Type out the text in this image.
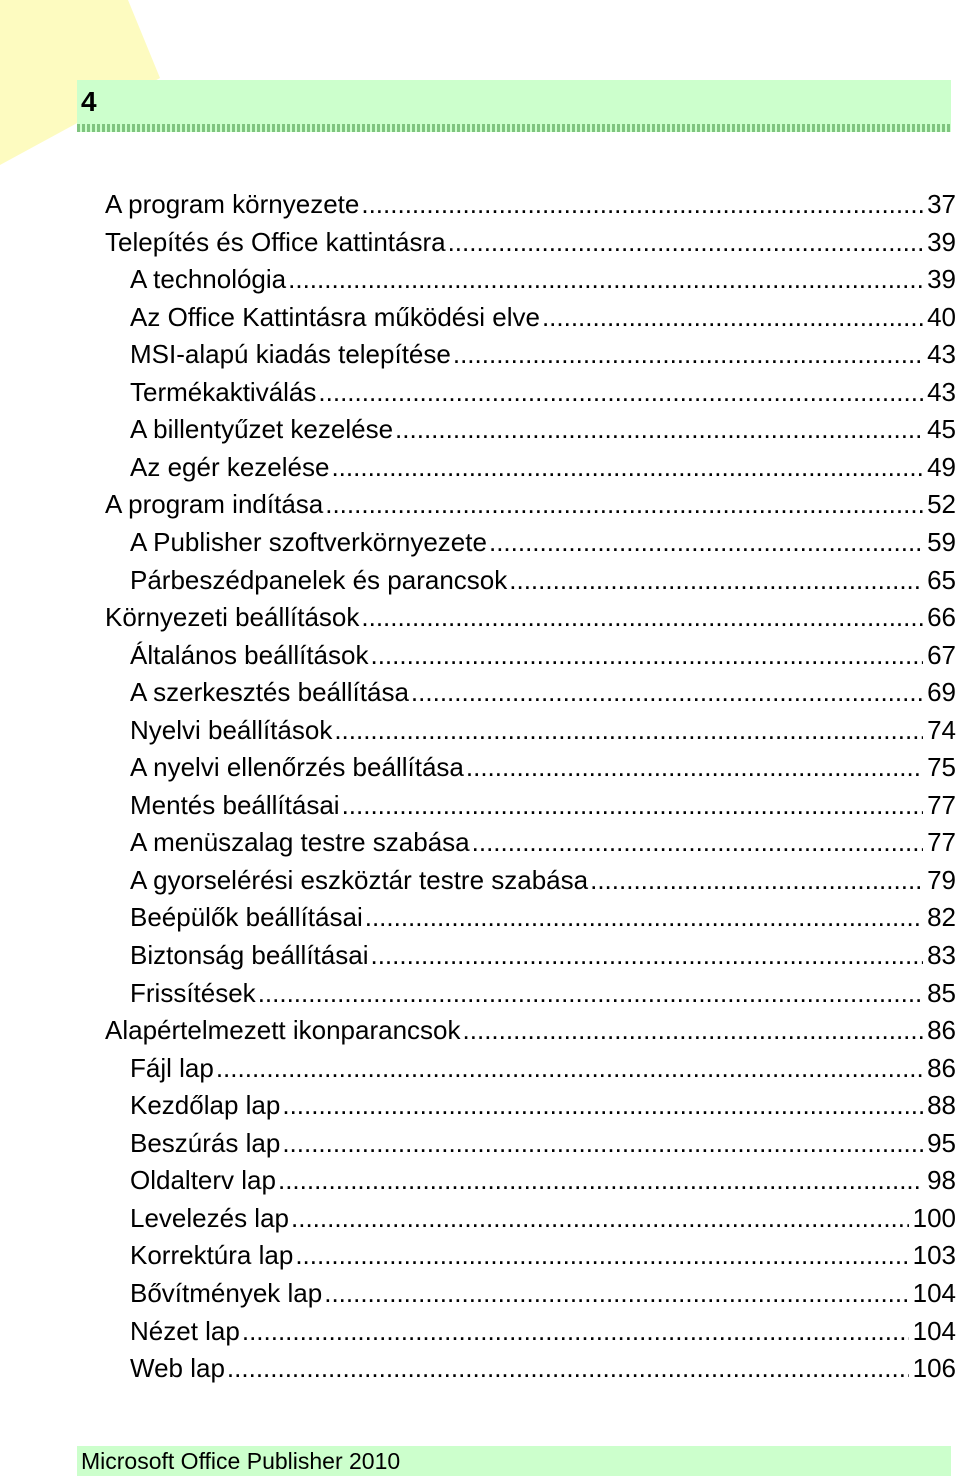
4
A program környezete .....	37
Telepítés és Office kattintásra .....	39
A technológia .....	39
Az Office Kattintásra működési elve .....	40
MSI-alapú kiadás telepítése .....	43
Termékaktiválás .....	43
A billentyűzet kezelése .....	45
Az egér kezelése .....	49
A program indítása .....	52
A Publisher szoftverkörnyezete .....	59
Párbeszédpanelek és parancsok .....	65
Környezeti beállítások .....	66
Általános beállítások .....	67
A szerkesztés beállítása .....	69
Nyelvi beállítások .....	74
A nyelvi ellenőrzés beállítása .....	75
Mentés beállításai .....	77
A menüszalag testre szabása .....	77
A gyorselérési eszköztár testre szabása .....	79
Beépülők beállításai .....	82
Biztonság beállításai .....	83
Frissítések .....	85
Alapértelmezett ikonparancsok .....	86
Fájl lap .....	86
Kezdőlap lap .....	88
Beszúrás lap .....	95
Oldalterv lap .....	98
Levelezés lap .....	100
Korrektúra lap .....	103
Bővítmények lap .....	104
Nézet lap .....	104
Web lap .....	106
Microsoft Office Publisher 2010
